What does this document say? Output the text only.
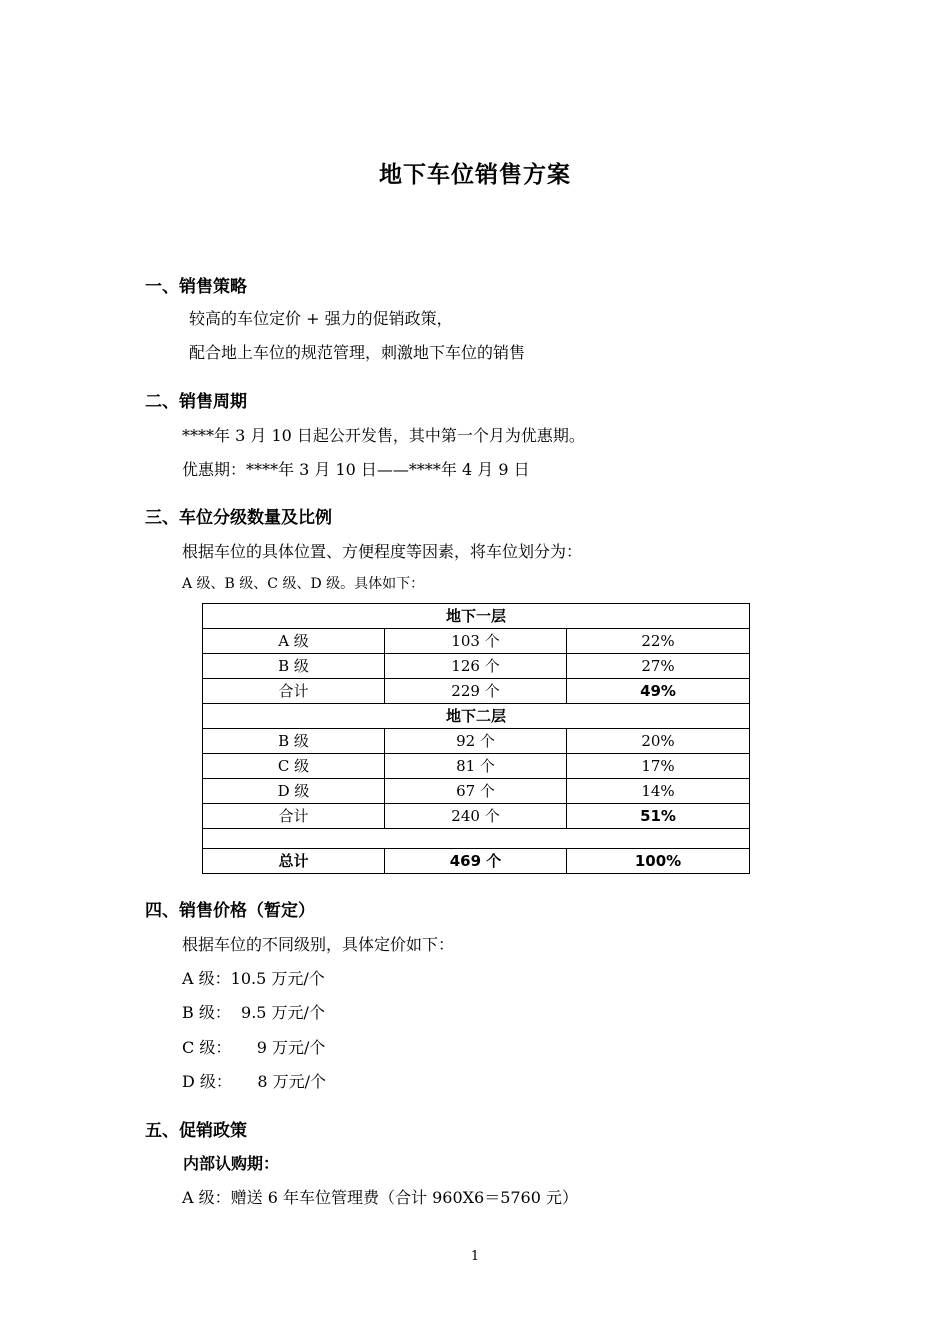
地下车位销售方案
一、销售策略
较高的车位定价 + 强力的促销政策，
配合地上车位的规范管理，刺激地下车位的销售
二、销售周期
****年 3 月 10 日起公开发售，其中第一个月为优惠期。
优惠期：****年 3 月 10 日——****年 4 月 9 日
三、车位分级数量及比例
根据车位的具体位置、方便程度等因素，将车位划分为：
A 级、B 级、C 级、D 级。具体如下：
地下一层		
A 级	103 个	22%
B 级	126 个	27%
合计	229 个	49%
地下二层		
B 级	92 个	20%
C 级	81 个	17%
D 级	67 个	14%
合计	240 个	51%

总计	469 个	100%
四、销售价格（暂定）
根据车位的不同级别，具体定价如下：
A 级：10.5 万元/个
B 级：  9.5 万元/个
C 级：     9 万元/个
D 级：     8 万元/个
五、促销政策
内部认购期：
A 级：赠送 6 年车位管理费（合计 960X6＝5760 元）
1
